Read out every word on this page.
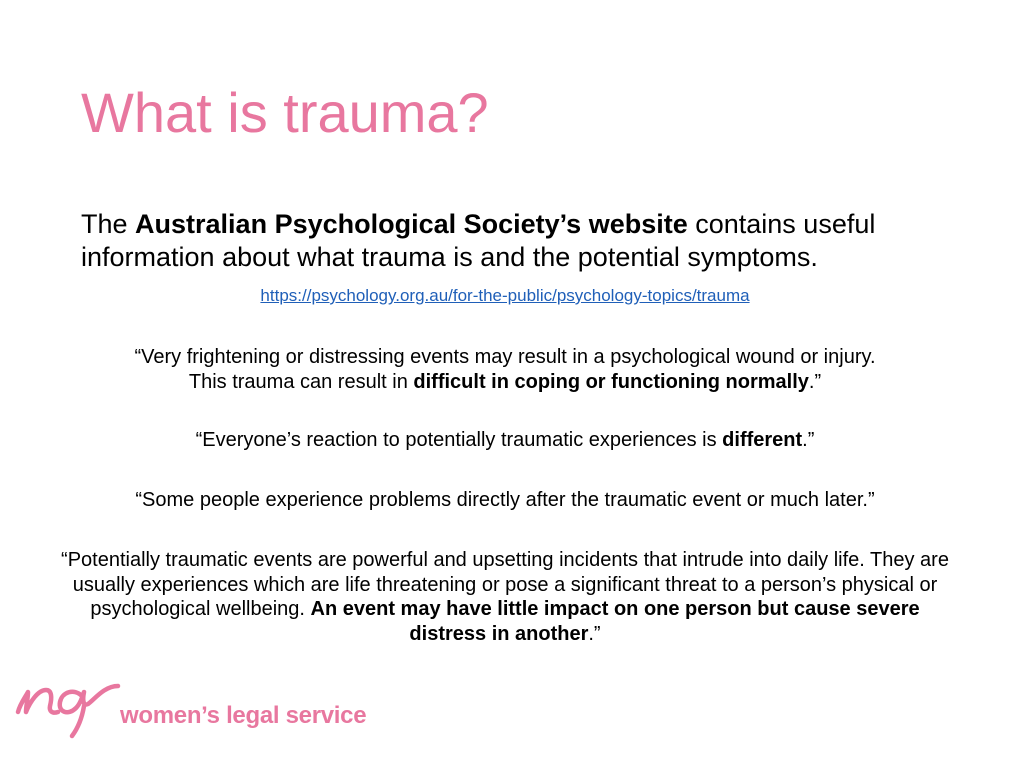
What is trauma?

The Australian Psychological Society’s website contains useful information about what trauma is and the potential symptoms.

https://psychology.org.au/for-the-public/psychology-topics/trauma

“Very frightening or distressing events may result in a psychological wound or injury.
This trauma can result in difficult in coping or functioning normally.”

“Everyone’s reaction to potentially traumatic experiences is different.”

“Some people experience problems directly after the traumatic event or much later.”

“Potentially traumatic events are powerful and upsetting incidents that intrude into daily life. They are usually experiences which are life threatening or pose a significant threat to a person’s physical or psychological wellbeing. An event may have little impact on one person but cause severe distress in another.”

women’s legal service
